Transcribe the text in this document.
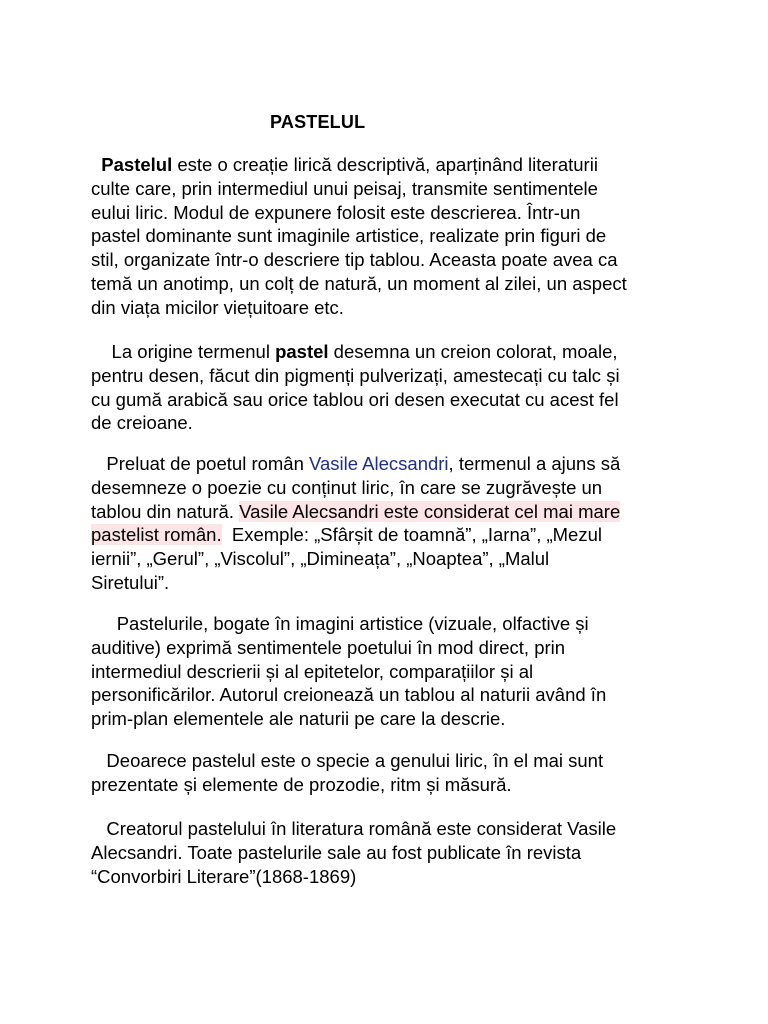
PASTELUL

Pastelul este o creație lirică descriptivă, aparținând literaturii
culte care, prin intermediul unui peisaj, transmite sentimentele
eului liric. Modul de expunere folosit este descrierea. Într-un
pastel dominante sunt imaginile artistice, realizate prin figuri de
stil, organizate într-o descriere tip tablou. Aceasta poate avea ca
temă un anotimp, un colț de natură, un moment al zilei, un aspect
din viața micilor viețuitoare etc.

La origine termenul pastel desemna un creion colorat, moale,
pentru desen, făcut din pigmenți pulverizați, amestecați cu talc și
cu gumă arabică sau orice tablou ori desen executat cu acest fel
de creioane.

Preluat de poetul român Vasile Alecsandri, termenul a ajuns să
desemneze o poezie cu conținut liric, în care se zugrăvește un
tablou din natură. Vasile Alecsandri este considerat cel mai mare
pastelist român.  Exemple: „Sfârșit de toamnă”, „Iarna”, „Mezul
iernii”, „Gerul”, „Viscolul”, „Dimineața”, „Noaptea”, „Malul
Siretului”.

Pastelurile, bogate în imagini artistice (vizuale, olfactive și
auditive) exprimă sentimentele poetului în mod direct, prin
intermediul descrierii și al epitetelor, comparațiilor și al
personificărilor. Autorul creionează un tablou al naturii având în
prim-plan elementele ale naturii pe care la descrie.

Deoarece pastelul este o specie a genului liric, în el mai sunt
prezentate și elemente de prozodie, ritm și măsură.

Creatorul pastelului în literatura română este considerat Vasile
Alecsandri. Toate pastelurile sale au fost publicate în revista
“Convorbiri Literare”(1868-1869)
